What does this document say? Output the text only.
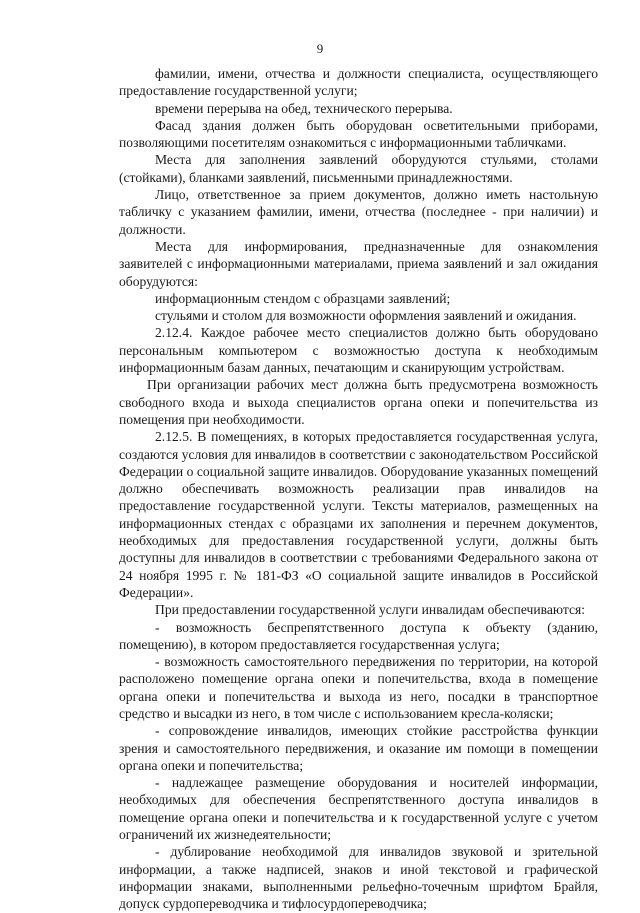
9

фамилии, имени, отчества и должности специалиста, осуществляющего предоставление государственной услуги;

времени перерыва на обед, технического перерыва.

Фасад здания должен быть оборудован осветительными приборами, позволяющими посетителям ознакомиться с информационными табличками.

Места для заполнения заявлений оборудуются стульями, столами (стойками), бланками заявлений, письменными принадлежностями.

Лицо, ответственное за прием документов, должно иметь настольную табличку с указанием фамилии, имени, отчества (последнее - при наличии) и должности.

Места для информирования, предназначенные для ознакомления заявителей с информационными материалами, приема заявлений и зал ожидания оборудуются:

информационным стендом с образцами заявлений;

стульями и столом для возможности оформления заявлений и ожидания.

2.12.4. Каждое рабочее место специалистов должно быть оборудовано персональным компьютером с возможностью доступа к необходимым информационным базам данных, печатающим и сканирующим устройствам.

При организации рабочих мест должна быть предусмотрена возможность свободного входа и выхода специалистов органа опеки и попечительства из помещения при необходимости.

2.12.5. В помещениях, в которых предоставляется государственная услуга, создаются условия для инвалидов в соответствии с законодательством Российской Федерации о социальной защите инвалидов. Оборудование указанных помещений должно обеспечивать возможность реализации прав инвалидов на предоставление государственной услуги. Тексты материалов, размещенных на информационных стендах с образцами их заполнения и перечнем документов, необходимых для предоставления государственной услуги, должны быть доступны для инвалидов в соответствии с требованиями Федерального закона от 24 ноября 1995 г. № 181-ФЗ «О социальной защите инвалидов в Российской Федерации».

При предоставлении государственной услуги инвалидам обеспечиваются:

- возможность беспрепятственного доступа к объекту (зданию, помещению), в котором предоставляется государственная услуга;

- возможность самостоятельного передвижения по территории, на которой расположено помещение органа опеки и попечительства, входа в помещение органа опеки и попечительства и выхода из него, посадки в транспортное средство и высадки из него, в том числе с использованием кресла-коляски;

- сопровождение инвалидов, имеющих стойкие расстройства функции зрения и самостоятельного передвижения, и оказание им помощи в помещении органа опеки и попечительства;

- надлежащее размещение оборудования и носителей информации, необходимых для обеспечения беспрепятственного доступа инвалидов в помещение органа опеки и попечительства и к государственной услуге с учетом ограничений их жизнедеятельности;

- дублирование необходимой для инвалидов звуковой и зрительной информации, а также надписей, знаков и иной текстовой и графической информации знаками, выполненными рельефно-точечным шрифтом Брайля, допуск сурдопереводчика и тифлосурдопереводчика;
